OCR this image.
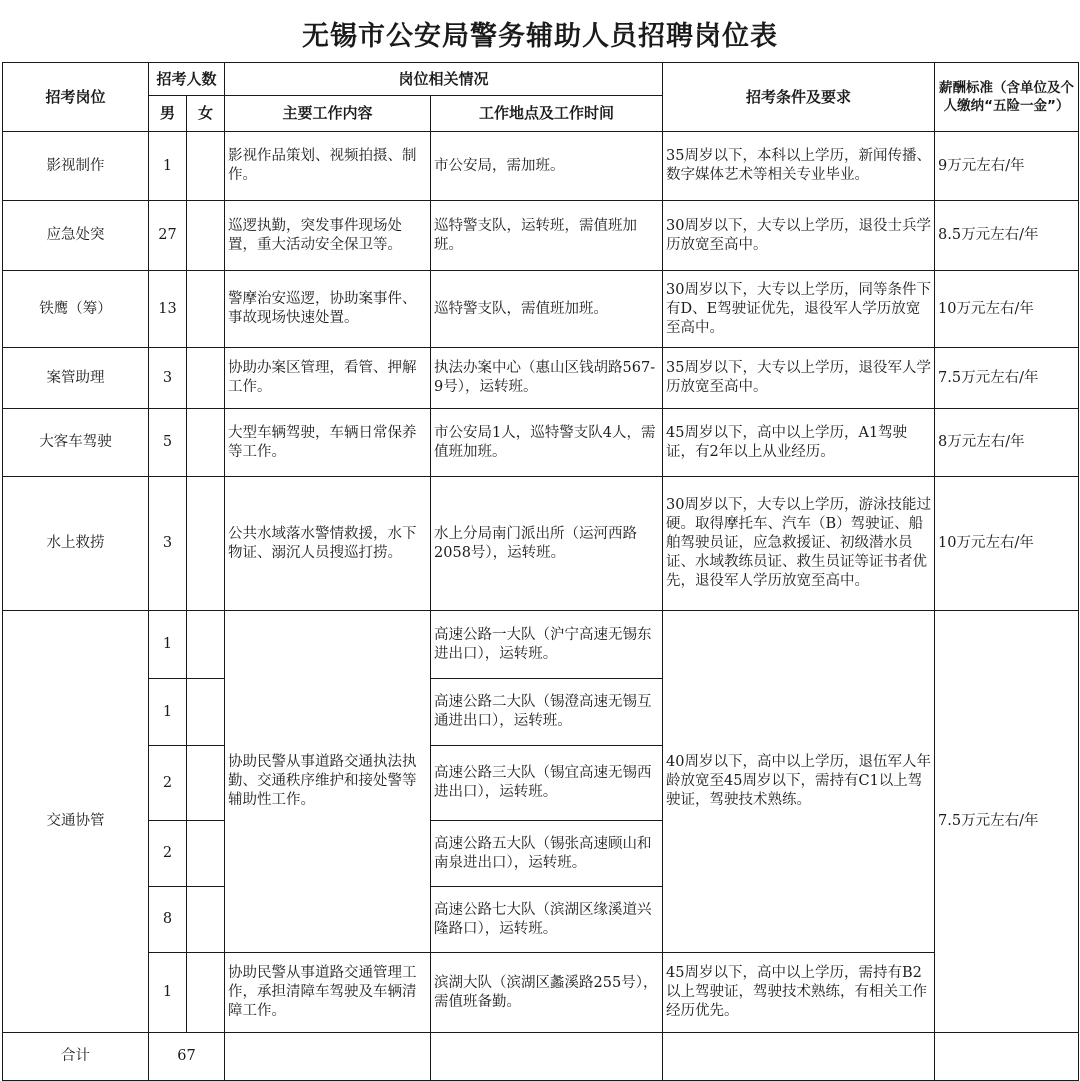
无锡市公安局警务辅助人员招聘岗位表
招考岗位	招考人数		岗位相关情况		招考条件及要求	薪酬标准（含单位及个人缴纳“五险一金”）
	男	女	主要工作内容	工作地点及工作时间		
影视制作	1		影视作品策划、视频拍摄、制作。	市公安局，需加班。	35周岁以下，本科以上学历，新闻传播、数字媒体艺术等相关专业毕业。	9万元左右/年
应急处突	27		巡逻执勤，突发事件现场处置，重大活动安全保卫等。	巡特警支队，运转班，需值班加班。	30周岁以下，大专以上学历，退役士兵学历放宽至高中。	8.5万元左右/年
铁鹰（筹）	13		警摩治安巡逻，协助案事件、事故现场快速处置。	巡特警支队，需值班加班。	30周岁以下，大专以上学历，同等条件下有D、E驾驶证优先，退役军人学历放宽至高中。	10万元左右/年
案管助理	3		协助办案区管理，看管、押解工作。	执法办案中心（惠山区钱胡路567-9号），运转班。	35周岁以下，大专以上学历，退役军人学历放宽至高中。	7.5万元左右/年
大客车驾驶	5		大型车辆驾驶，车辆日常保养等工作。	市公安局1人，巡特警支队4人，需值班加班。	45周岁以下，高中以上学历，A1驾驶证，有2年以上从业经历。	8万元左右/年
水上救捞	3		公共水域落水警情救援，水下物证、溺沉人员搜巡打捞。	水上分局南门派出所（运河西路2058号），运转班。	30周岁以下，大专以上学历，游泳技能过硬。取得摩托车、汽车（B）驾驶证、船舶驾驶员证，应急救援证、初级潜水员证、水域教练员证、救生员证等证书者优先，退役军人学历放宽至高中。	10万元左右/年
交通协管	1		协助民警从事道路交通执法执勤、交通秩序维护和接处警等辅助性工作。	高速公路一大队（沪宁高速无锡东进出口），运转班。	40周岁以下，高中以上学历，退伍军人年龄放宽至45周岁以下，需持有C1以上驾驶证，驾驶技术熟练。	7.5万元左右/年
	1			高速公路二大队（锡澄高速无锡互通进出口），运转班。		
	2			高速公路三大队（锡宜高速无锡西进出口），运转班。		
	2			高速公路五大队（锡张高速顾山和南泉进出口），运转班。		
	8			高速公路七大队（滨湖区缘溪道兴隆路口），运转班。		
	1		协助民警从事道路交通管理工作，承担清障车驾驶及车辆清障工作。	滨湖大队（滨湖区蠡溪路255号），需值班备勤。	45周岁以下，高中以上学历，需持有B2以上驾驶证，驾驶技术熟练，有相关工作经历优先。	
合计	67					
